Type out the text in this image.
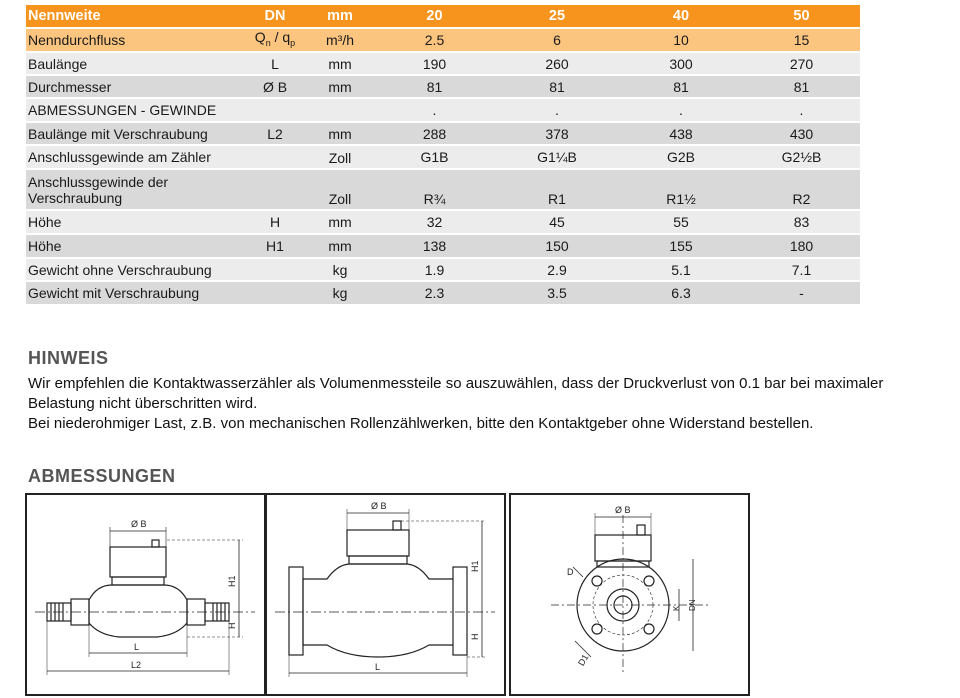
Nennweite	DN	mm	20	25	40	50
Nenndurchfluss	$Q_n / q_p$	m³/h	2.5	6	10	15
Baulänge	L	mm	190	260	300	270
Durchmesser	Ø B	mm	81	81	81	81
ABMESSUNGEN - GEWINDE			.	.	.	.
Baulänge mit Verschraubung	L2	mm	288	378	438	430
Anschlussgewinde am Zähler		Zoll	G1B	G1¼B	G2B	G2½B
Anschlussgewinde der
Verschraubung		Zoll	R¾	R1	R1½	R2
Höhe	H	mm	32	45	55	83
Höhe	H1	mm	138	150	155	180
Gewicht ohne Verschraubung		kg	1.9	2.9	5.1	7.1
Gewicht mit Verschraubung		kg	2.3	3.5	6.3	-
HINWEIS

Wir empfehlen die Kontaktwasserzähler als Volumenmessteile so auszuwählen, dass der Druckverlust von 0.1 bar bei maximaler

Belastung nicht überschritten wird.

Bei niederohmiger Last, z.B. von mechanischen Rollenzählwerken, bitte den Kontaktgeber ohne Widerstand bestellen.

ABMESSUNGEN
Ø B
H1
H
L
L2
Ø B
H1
H
L
Ø B
D
D1
K DN
